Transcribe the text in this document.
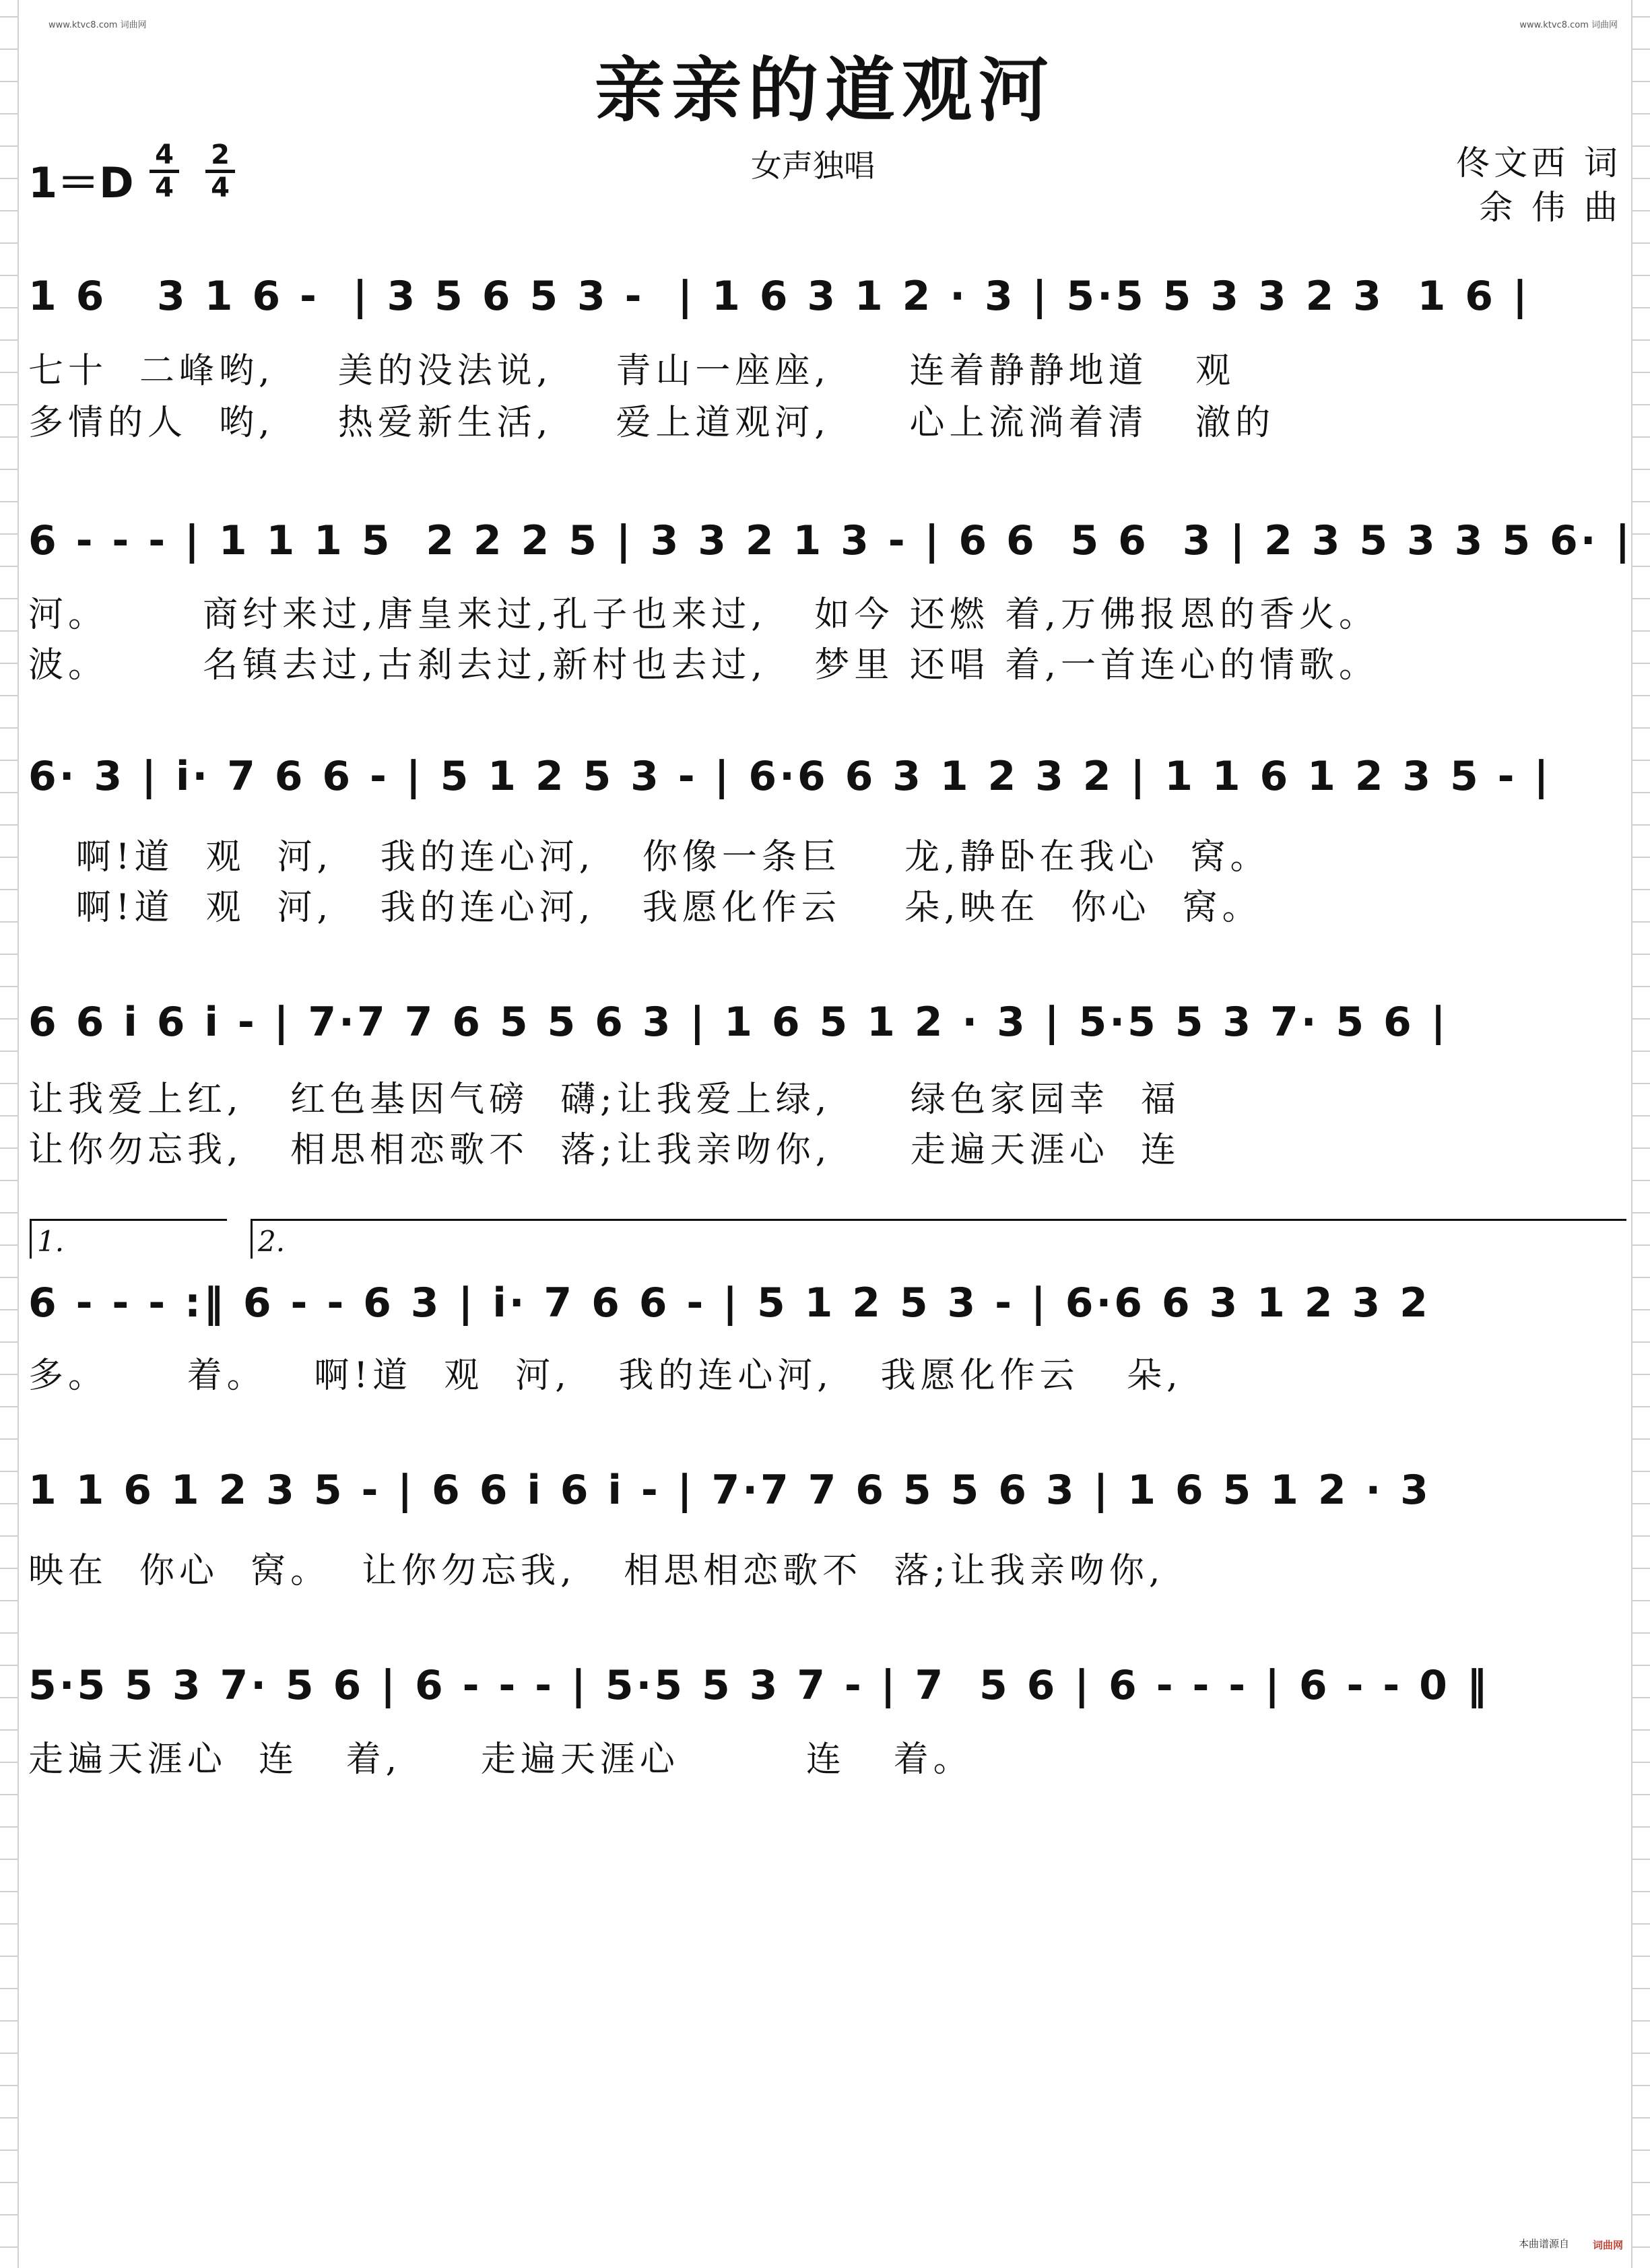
www.ktvc8.com 词曲网	www.ktvc8.com 词曲网
亲亲的道观河
1＝D
4
4
2
4
女声独唱	佟文西 词
余 伟 曲
1 6   3 1 6 -  | 3 5 6 5 3 -  | 1 6 3 1 2 · 3 | 5·5 5 3 3 2 3  1 6 |
七十  二峰哟,    美的没法说,    青山一座座,     连着静静地道   观
多情的人  哟,    热爱新生活,    爱上道观河,     心上流淌着清   澈的
6 - - - | 1 1 1 5  2 2 2 5 | 3 3 2 1 3 - | 6 6  5 6  3 | 2 3 5 3 3 5 6· |
河。      商纣来过,唐皇来过,孔子也来过,   如今 还燃 着,万佛报恩的香火。
波。      名镇去过,古刹去过,新村也去过,   梦里 还唱 着,一首连心的情歌。
6· 3 | i· 7 6 6 - | 5 1 2 5 3 - | 6·6 6 3 1 2 3 2 | 1 1 6 1 2 3 5 - |
啊!道  观  河,   我的连心河,   你像一条巨    龙,静卧在我心  窝。
啊!道  观  河,   我的连心河,   我愿化作云    朵,映在  你心  窝。
6 6 i 6 i - | 7·7 7 6 5 5 6 3 | 1 6 5 1 2 · 3 | 5·5 5 3 7· 5 6 |
让我爱上红,   红色基因气磅  礴;让我爱上绿,     绿色家园幸  福
让你勿忘我,   相思相恋歌不  落;让我亲吻你,     走遍天涯心  连
1.	2.
6 - - - :‖ 6 - - 6 3 | i· 7 6 6 - | 5 1 2 5 3 - | 6·6 6 3 1 2 3 2
多。     着。   啊!道  观  河,   我的连心河,   我愿化作云   朵,
1 1 6 1 2 3 5 - | 6 6 i 6 i - | 7·7 7 6 5 5 6 3 | 1 6 5 1 2 · 3
映在  你心  窝。  让你勿忘我,   相思相恋歌不  落;让我亲吻你,
5·5 5 3 7· 5 6 | 6 - - - | 5·5 5 3 7 - | 7  5 6 | 6 - - - | 6 - - 0 ‖
走遍天涯心  连   着,     走遍天涯心        连   着。
本曲谱源自 词曲网
